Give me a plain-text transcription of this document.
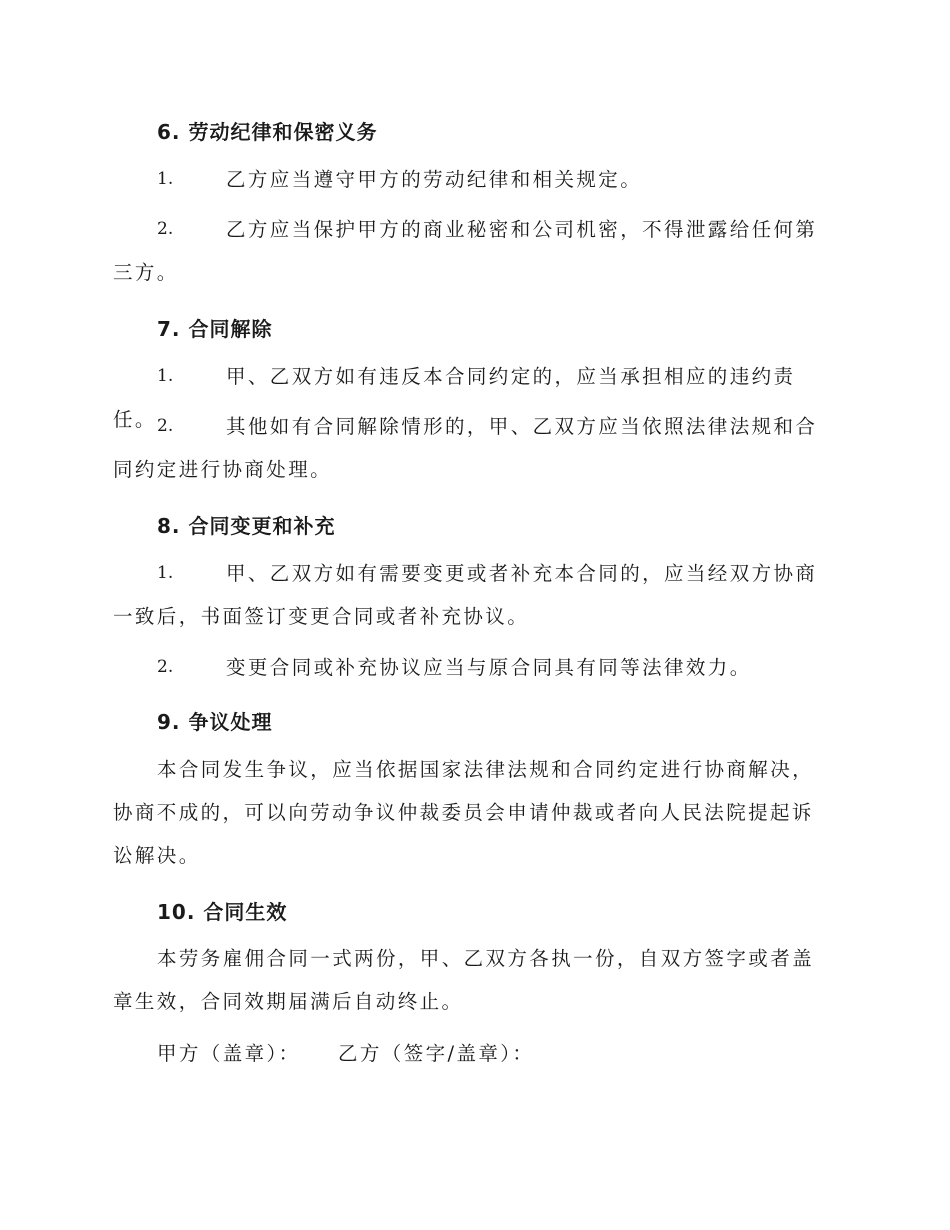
6. 劳动纪律和保密义务
1.	乙方应当遵守甲方的劳动纪律和相关规定。
2.	乙方应当保护甲方的商业秘密和公司机密，不得泄露给任何第三方。
7. 合同解除
1.	甲、乙双方如有违反本合同约定的，应当承担相应的违约责任。 2.	其他如有合同解除情形的，甲、乙双方应当依照法律法规和合同约定进行协商处理。
8. 合同变更和补充
1.	甲、乙双方如有需要变更或者补充本合同的，应当经双方协商一致后，书面签订变更合同或者补充协议。
2.	变更合同或补充协议应当与原合同具有同等法律效力。
9. 争议处理
本合同发生争议，应当依据国家法律法规和合同约定进行协商解决，协商不成的，可以向劳动争议仲裁委员会申请仲裁或者向人民法院提起诉讼解决。
10. 合同生效
本劳务雇佣合同一式两份，甲、乙双方各执一份，自双方签字或者盖章生效，合同效期届满后自动终止。
甲方（盖章）： 乙方（签字/盖章）：
